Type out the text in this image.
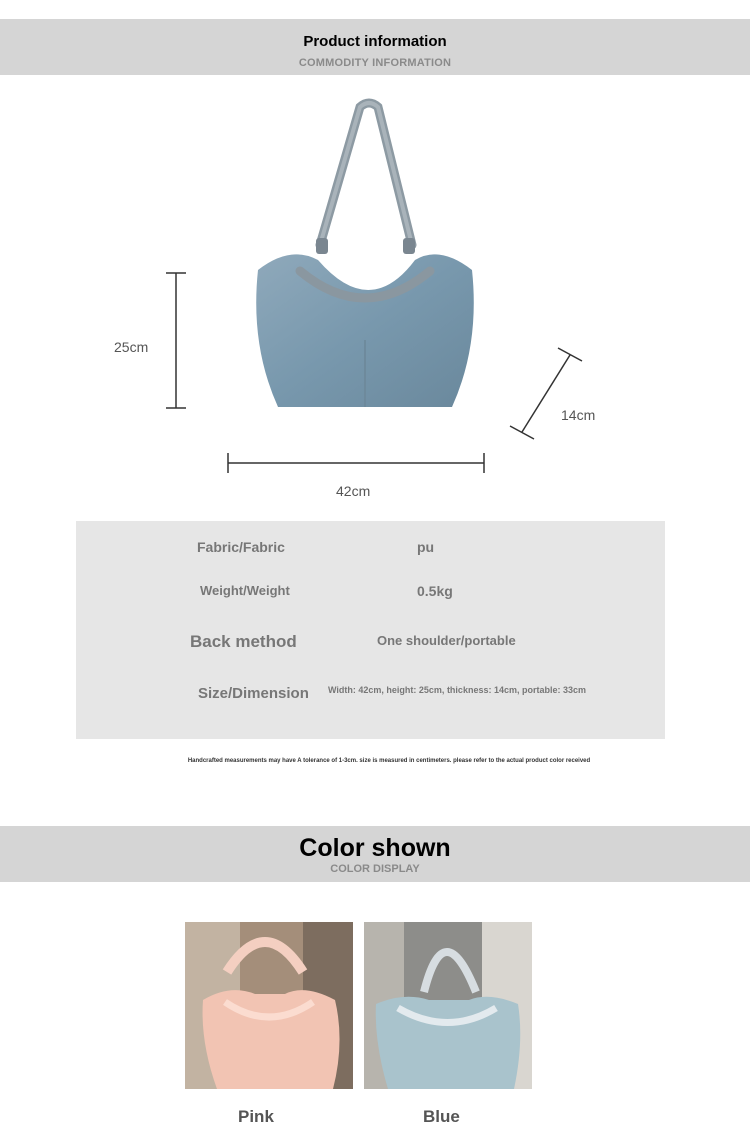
Product information
COMMODITY INFORMATION
25cm
14cm
42cm
Fabric/Fabric	pu
Weight/Weight	0.5kg
Back method	One shoulder/portable
Size/Dimension Width: 42cm, height: 25cm, thickness: 14cm, portable: 33cm
Handcrafted measurements may have A tolerance of 1-3cm. size is measured in centimeters. please refer to the actual product color received
Color shown
COLOR DISPLAY
Pink	Blue
